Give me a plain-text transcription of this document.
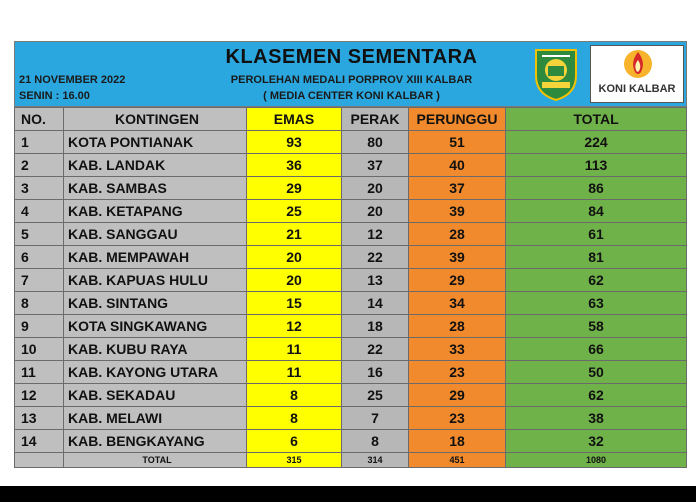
21 NOVEMBER 2022
SENIN : 16.00
KLASEMEN SEMENTARA
PEROLEHAN MEDALI PORPROV XIII KALBAR
( MEDIA CENTER KONI KALBAR )
KONI KALBAR
NO.	KONTINGEN	EMAS	PERAK	PERUNGGU	TOTAL
1	KOTA PONTIANAK	93	80	51	224
2	KAB. LANDAK	36	37	40	113
3	KAB. SAMBAS	29	20	37	86
4	KAB. KETAPANG	25	20	39	84
5	KAB. SANGGAU	21	12	28	61
6	KAB. MEMPAWAH	20	22	39	81
7	KAB. KAPUAS HULU	20	13	29	62
8	KAB. SINTANG	15	14	34	63
9	KOTA SINGKAWANG	12	18	28	58
10	KAB. KUBU RAYA	11	22	33	66
11	KAB. KAYONG UTARA	11	16	23	50
12	KAB. SEKADAU	8	25	29	62
13	KAB. MELAWI	8	7	23	38
14	KAB. BENGKAYANG	6	8	18	32
	TOTAL	315	314	451	1080
